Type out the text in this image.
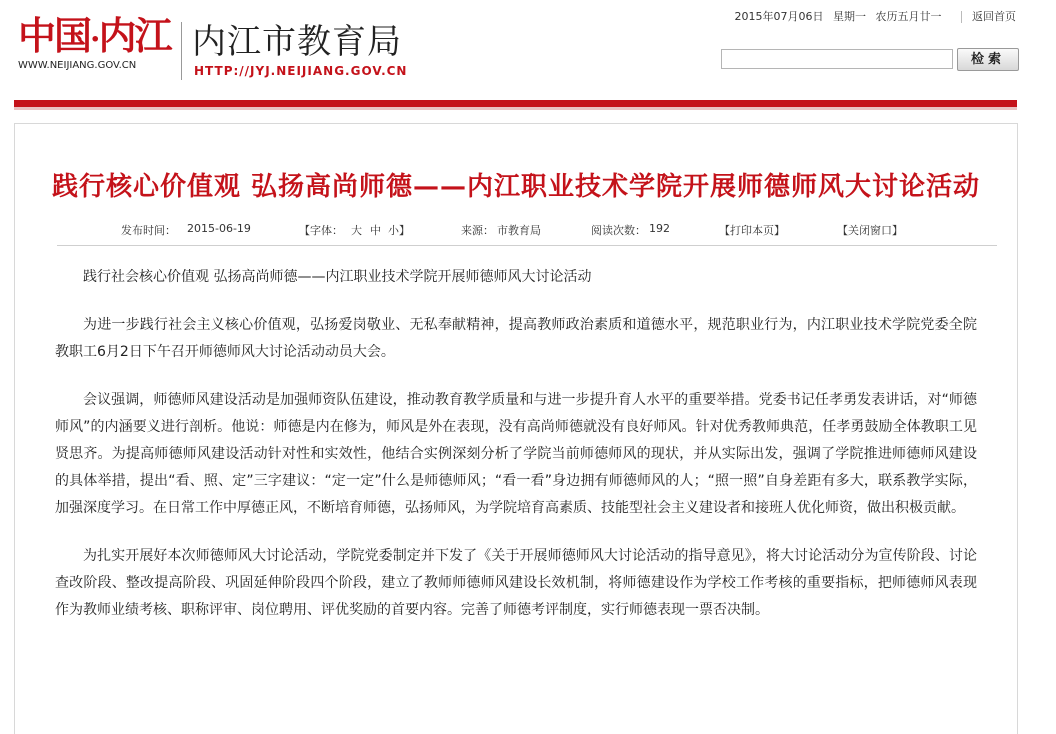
中国·内江
WWW.NEIJIANG.GOV.CN
内江市教育局
HTTP://JYJ.NEIJIANG.GOV.CN
2015年07月06日 星期一 农历五月廿一	返回首页
检索
践行核心价值观 弘扬高尚师德——内江职业技术学院开展师德师风大讨论活动
发布时间： 2015-06-19	【字体： 大 中 小】	来源： 市教育局	阅读次数： 192	【打印本页】	【关闭窗口】

践行社会核心价值观 弘扬高尚师德——内江职业技术学院开展师德师风大讨论活动

为进一步践行社会主义核心价值观，弘扬爱岗敬业、无私奉献精神，提高教师政治素质和道德水平，规范职业行为，内江职业技术学院党委全院教职工6月2日下午召开师德师风大讨论活动动员大会。

会议强调，师德师风建设活动是加强师资队伍建设，推动教育教学质量和与进一步提升育人水平的重要举措。党委书记任孝勇发表讲话，对“师德师风”的内涵要义进行剖析。他说：师德是内在修为，师风是外在表现，没有高尚师德就没有良好师风。针对优秀教师典范，任孝勇鼓励全体教职工见贤思齐。为提高师德师风建设活动针对性和实效性，他结合实例深刻分析了学院当前师德师风的现状，并从实际出发，强调了学院推进师德师风建设的具体举措，提出“看、照、定”三字建议：“定一定”什么是师德师风；“看一看”身边拥有师德师风的人；“照一照”自身差距有多大，联系教学实际，加强深度学习。在日常工作中厚德正风，不断培育师德，弘扬师风，为学院培育高素质、技能型社会主义建设者和接班人优化师资，做出积极贡献。

为扎实开展好本次师德师风大讨论活动，学院党委制定并下发了《关于开展师德师风大讨论活动的指导意见》，将大讨论活动分为宣传阶段、讨论查改阶段、整改提高阶段、巩固延伸阶段四个阶段，建立了教师师德师风建设长效机制，将师德建设作为学校工作考核的重要指标，把师德师风表现作为教师业绩考核、职称评审、岗位聘用、评优奖励的首要内容。完善了师德考评制度，实行师德表现一票否决制。
